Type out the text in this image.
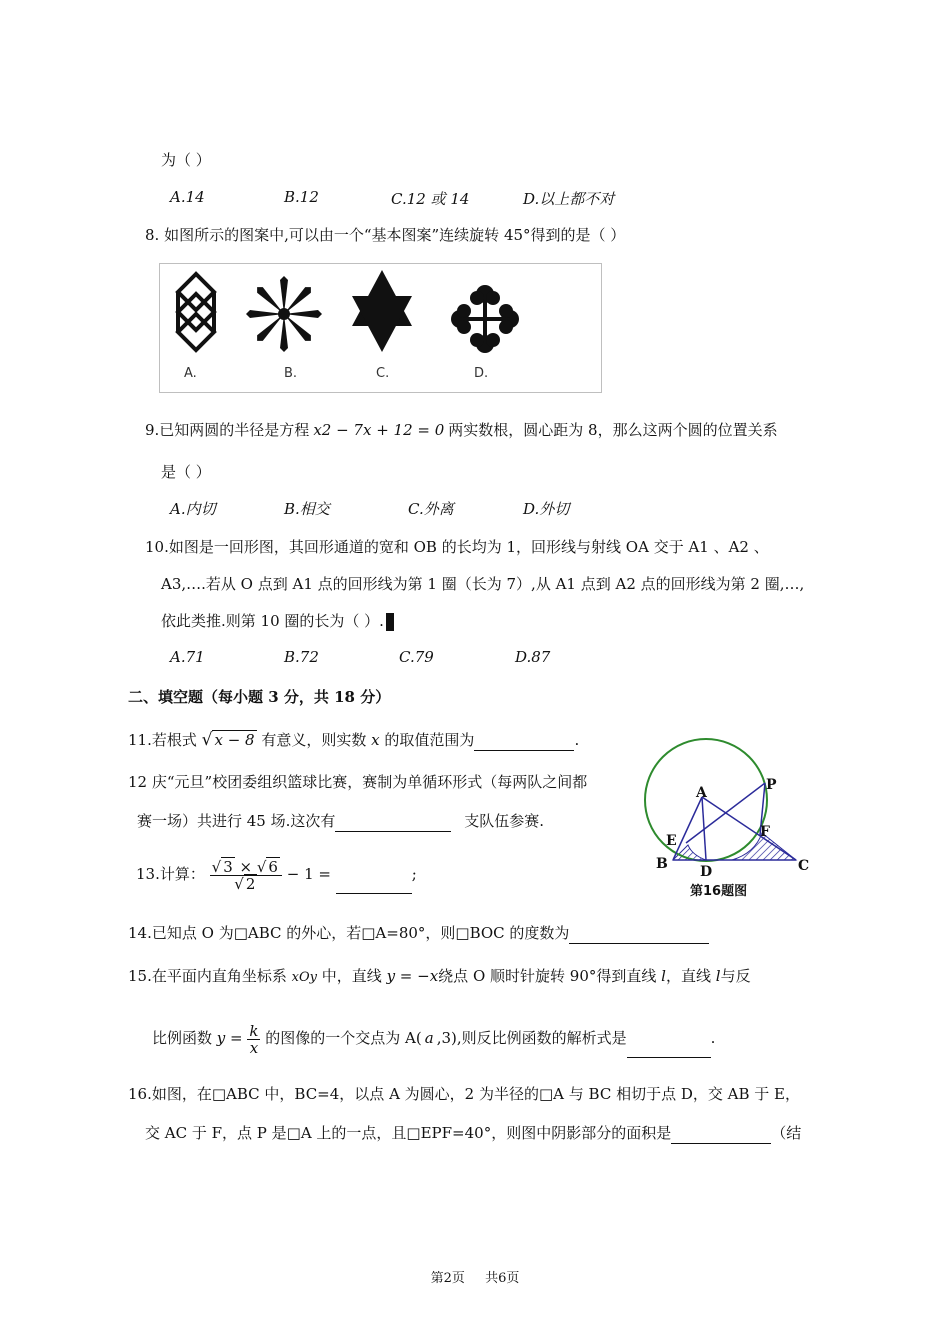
为（ ）
A.14	B.12	C.12 或 14	D.以上都不对
8. 如图所示的图案中,可以由一个“基本图案”连续旋转 45°得到的是（ ）
A.	B.	C.	D.
9.已知两圆的半径是方程 x2 − 7x + 12 = 0 两实数根，圆心距为 8，那么这两个圆的位置关系
是（ ）
A.内切	B.相交	C.外离	D.外切
10.如图是一回形图，其回形通道的宽和 OB 的长均为 1，回形线与射线 OA 交于 A1 、A2 、
A3,….若从 O 点到 A1 点的回形线为第 1 圈（长为 7）,从 A1 点到 A2 点的回形线为第 2 圈,…,
依此类推.则第 10 圈的长为（ ）.
A.71	B.72	C.79	D.87
二、填空题（每小题 3 分，共 18 分）
11.若根式 √ x − 8 有意义，则实数 x 的取值范围为	.
12 庆“元旦”校团委组织篮球比赛，赛制为单循环形式（每两队之间都
赛一场）共进行 45 场.这次有	支队伍参赛.
13.计算： $\frac{√ 3 \times √ 6}{√ 2} - 1$ =	;
14.已知点 O 为□ABC 的外心，若□A=80°，则□BOC 的度数为
15.在平面内直角坐标系 xOy 中，直线 y = −x绕点 O 顺时针旋转 90°得到直线 l，直线 l与反
比例函数 $y = \frac{k}{x}$ 的图像的一个交点为 A( a ,3),则反比例函数的解析式是	.
16.如图，在□ABC 中，BC=4，以点 A 为圆心，2 为半径的□A 与 BC 相切于点 D，交 AB 于 E，
交 AC 于 F，点 P 是□A 上的一点，且□EPF=40°，则图中阴影部分的面积是	（结
A	P
E
F
B D	C
第16题图
第2页 共6页
